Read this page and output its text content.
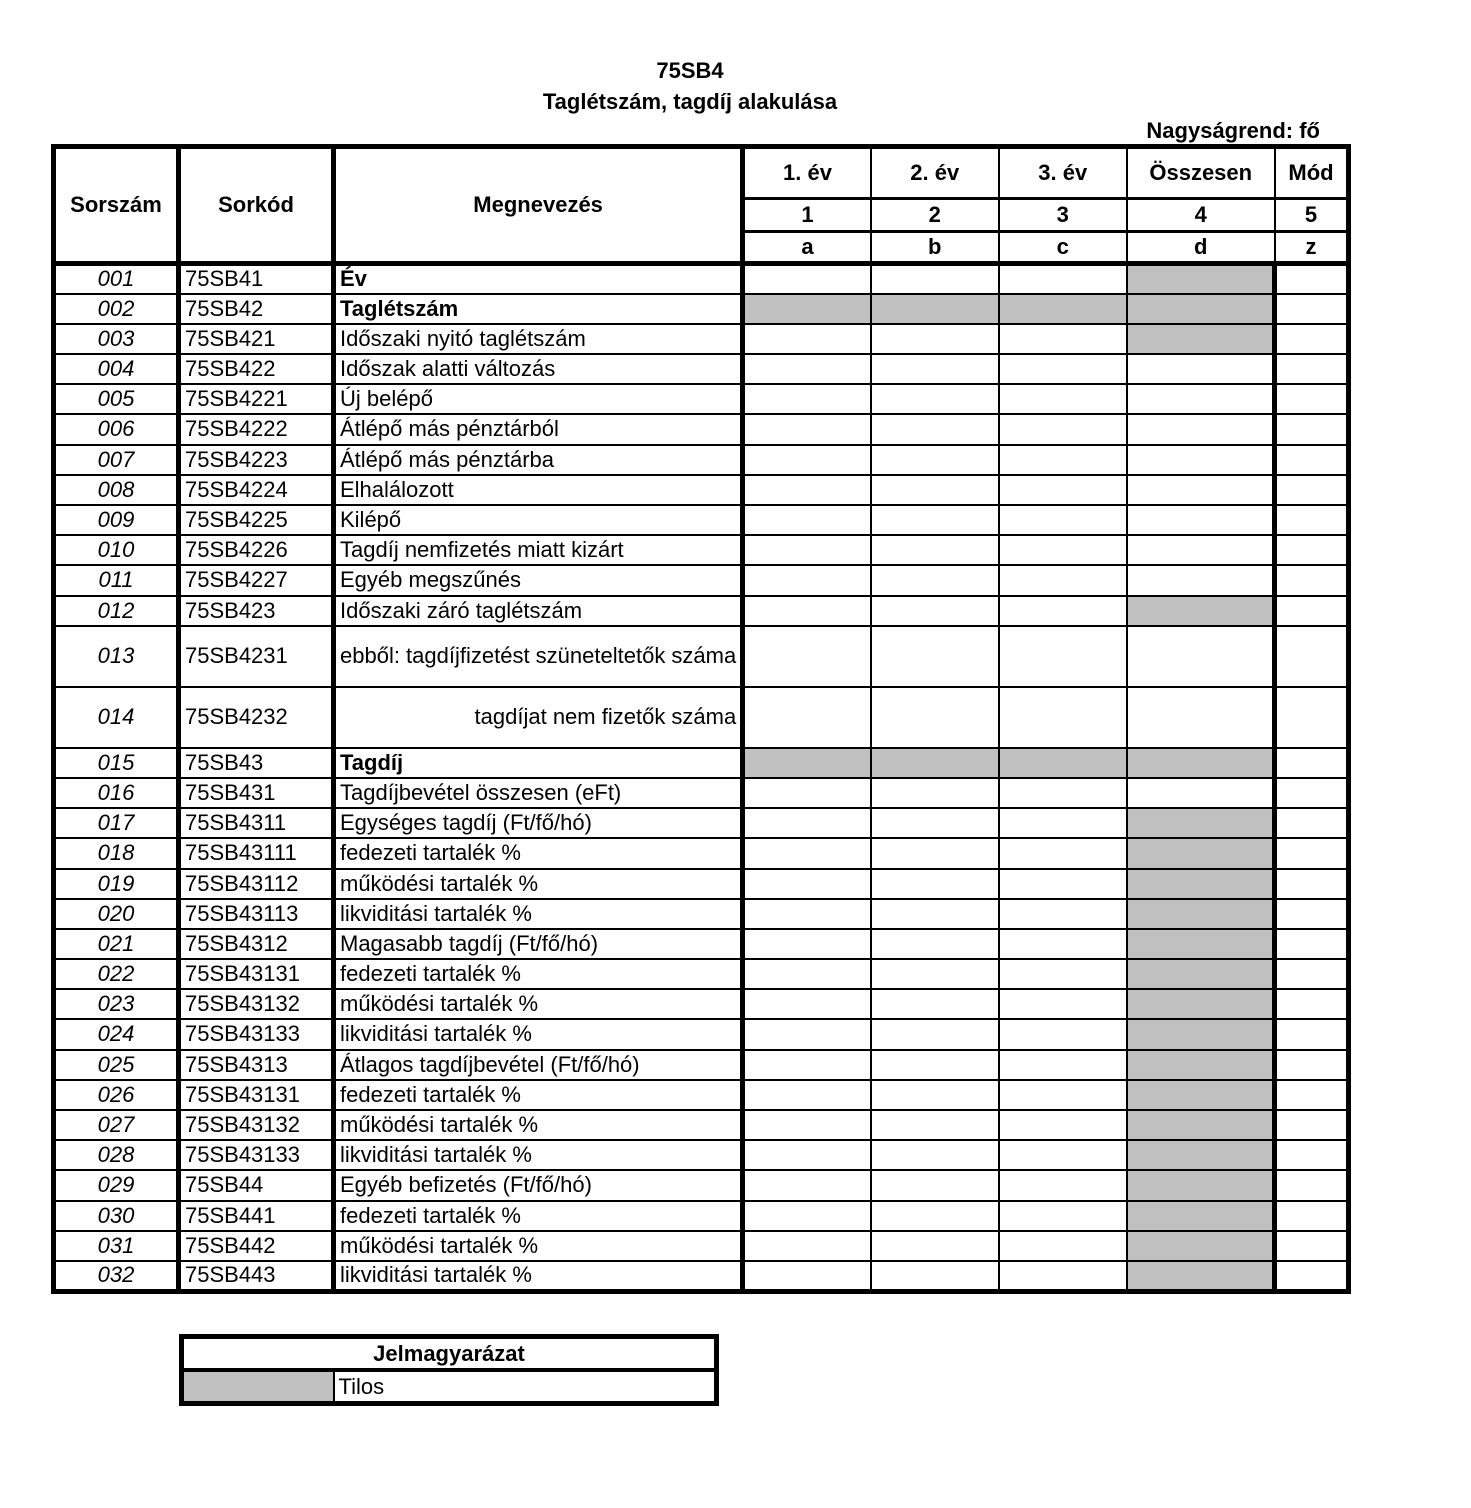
75SB4
Taglétszám, tagdíj alakulása
Nagyságrend: fő
Sorszám	Sorkód	Megnevezés	1. év	2. év	3. év	Összesen	Mód
			1	2	3	4	5
			a	b	c	d	z
001	75SB41	Év					
002	75SB42	Taglétszám					
003	75SB421	Időszaki nyitó taglétszám					
004	75SB422	Időszak alatti változás					
005	75SB4221	Új belépő					
006	75SB4222	Átlépő más pénztárból					
007	75SB4223	Átlépő más pénztárba					
008	75SB4224	Elhalálozott					
009	75SB4225	Kilépő					
010	75SB4226	Tagdíj nemfizetés miatt kizárt					
011	75SB4227	Egyéb megszűnés					
012	75SB423	Időszaki záró taglétszám					
013	75SB4231	ebből: tagdíjfizetést szüneteltetők száma					
014	75SB4232	tagdíjat nem fizetők száma					
015	75SB43	Tagdíj					
016	75SB431	Tagdíjbevétel összesen (eFt)					
017	75SB4311	Egységes tagdíj (Ft/fő/hó)					
018	75SB43111	fedezeti tartalék %					
019	75SB43112	működési tartalék %					
020	75SB43113	likviditási tartalék %					
021	75SB4312	Magasabb tagdíj (Ft/fő/hó)					
022	75SB43131	fedezeti tartalék %					
023	75SB43132	működési tartalék %					
024	75SB43133	likviditási tartalék %					
025	75SB4313	Átlagos tagdíjbevétel (Ft/fő/hó)					
026	75SB43131	fedezeti tartalék %					
027	75SB43132	működési tartalék %					
028	75SB43133	likviditási tartalék %					
029	75SB44	Egyéb befizetés (Ft/fő/hó)					
030	75SB441	fedezeti tartalék %					
031	75SB442	működési tartalék %					
032	75SB443	likviditási tartalék %					
Jelmagyarázat
	Tilos
